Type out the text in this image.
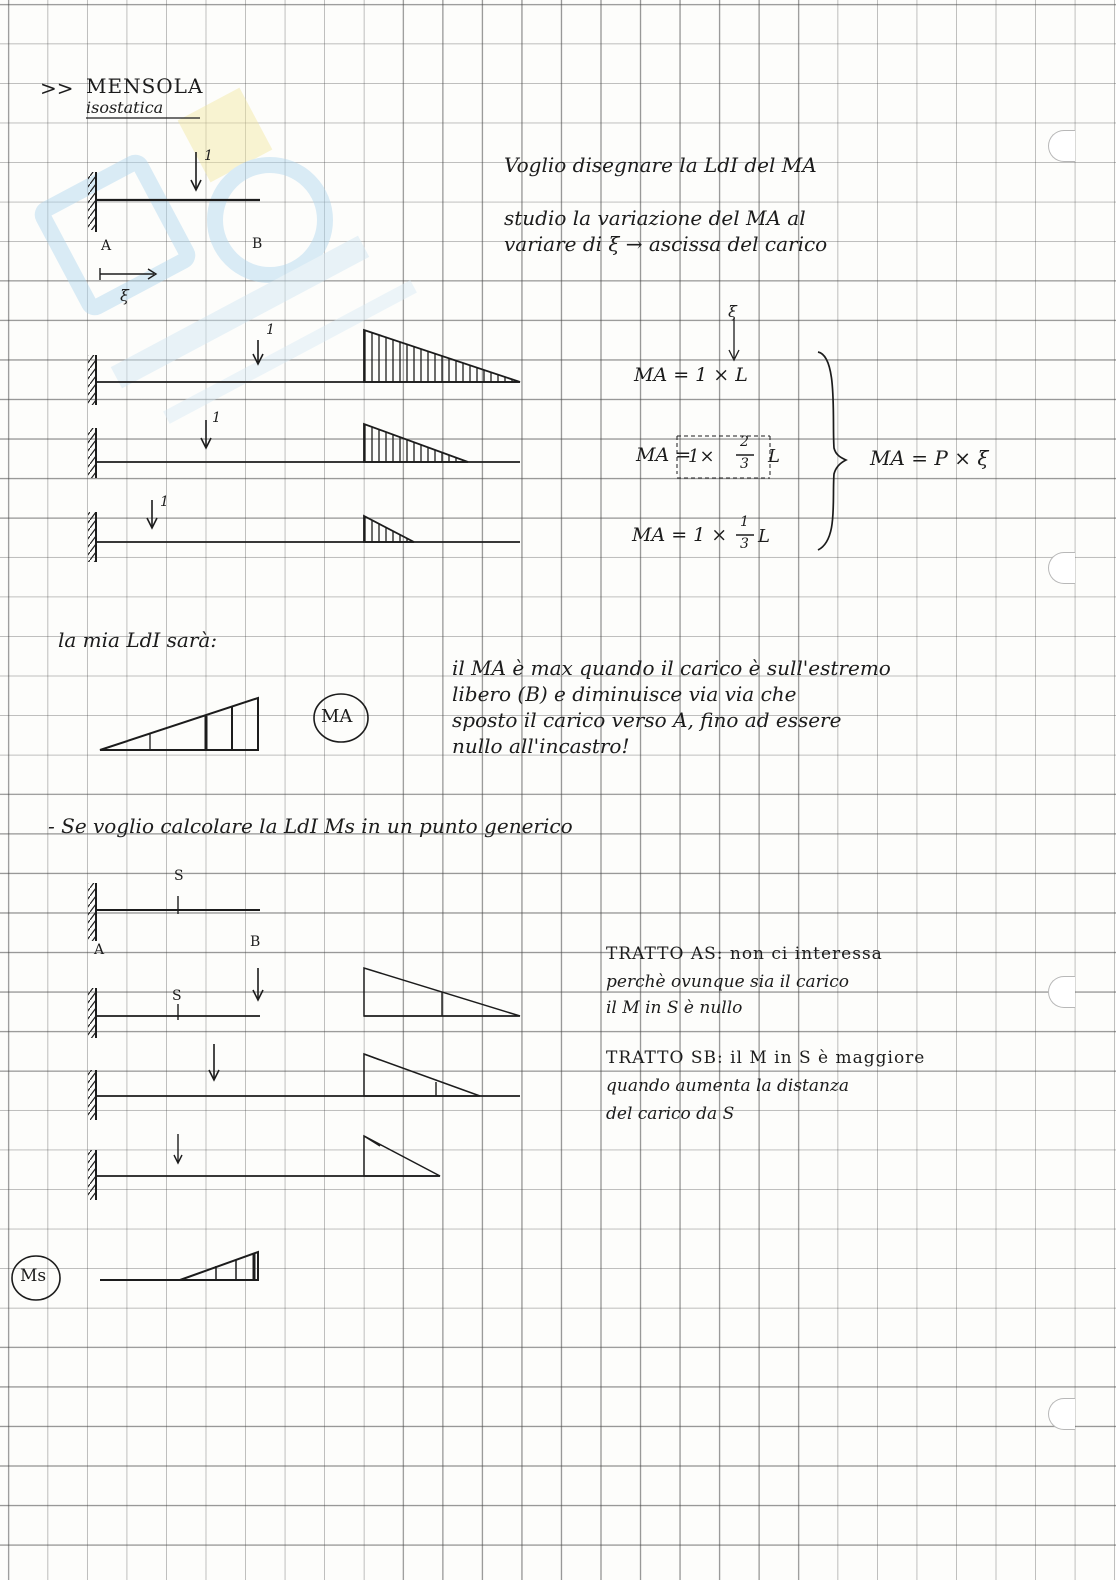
>> MENSOLA
isostatica
Voglio disegnare la LdI del MA
studio la variazione del MA al
variare di ξ → ascissa del carico
A	B
1
ξ
1
1
1
ξ
MA = 1 × L
MA =
1×
2
3 L
MA = 1 ×
1
3 L
MA = P × ξ
la mia LdI sarà:
MA
il MA è max quando il carico è sull'estremo
libero (B) e diminuisce via via che
sposto il carico verso A, fino ad essere
nullo all'incastro!
- Se voglio calcolare la LdI Ms in un punto generico
S
A	B
S
TRATTO AS: non ci interessa
perchè ovunque sia il carico
il M in S è nullo
TRATTO SB: il M in S è maggiore
quando aumenta la distanza
del carico da S
Ms
